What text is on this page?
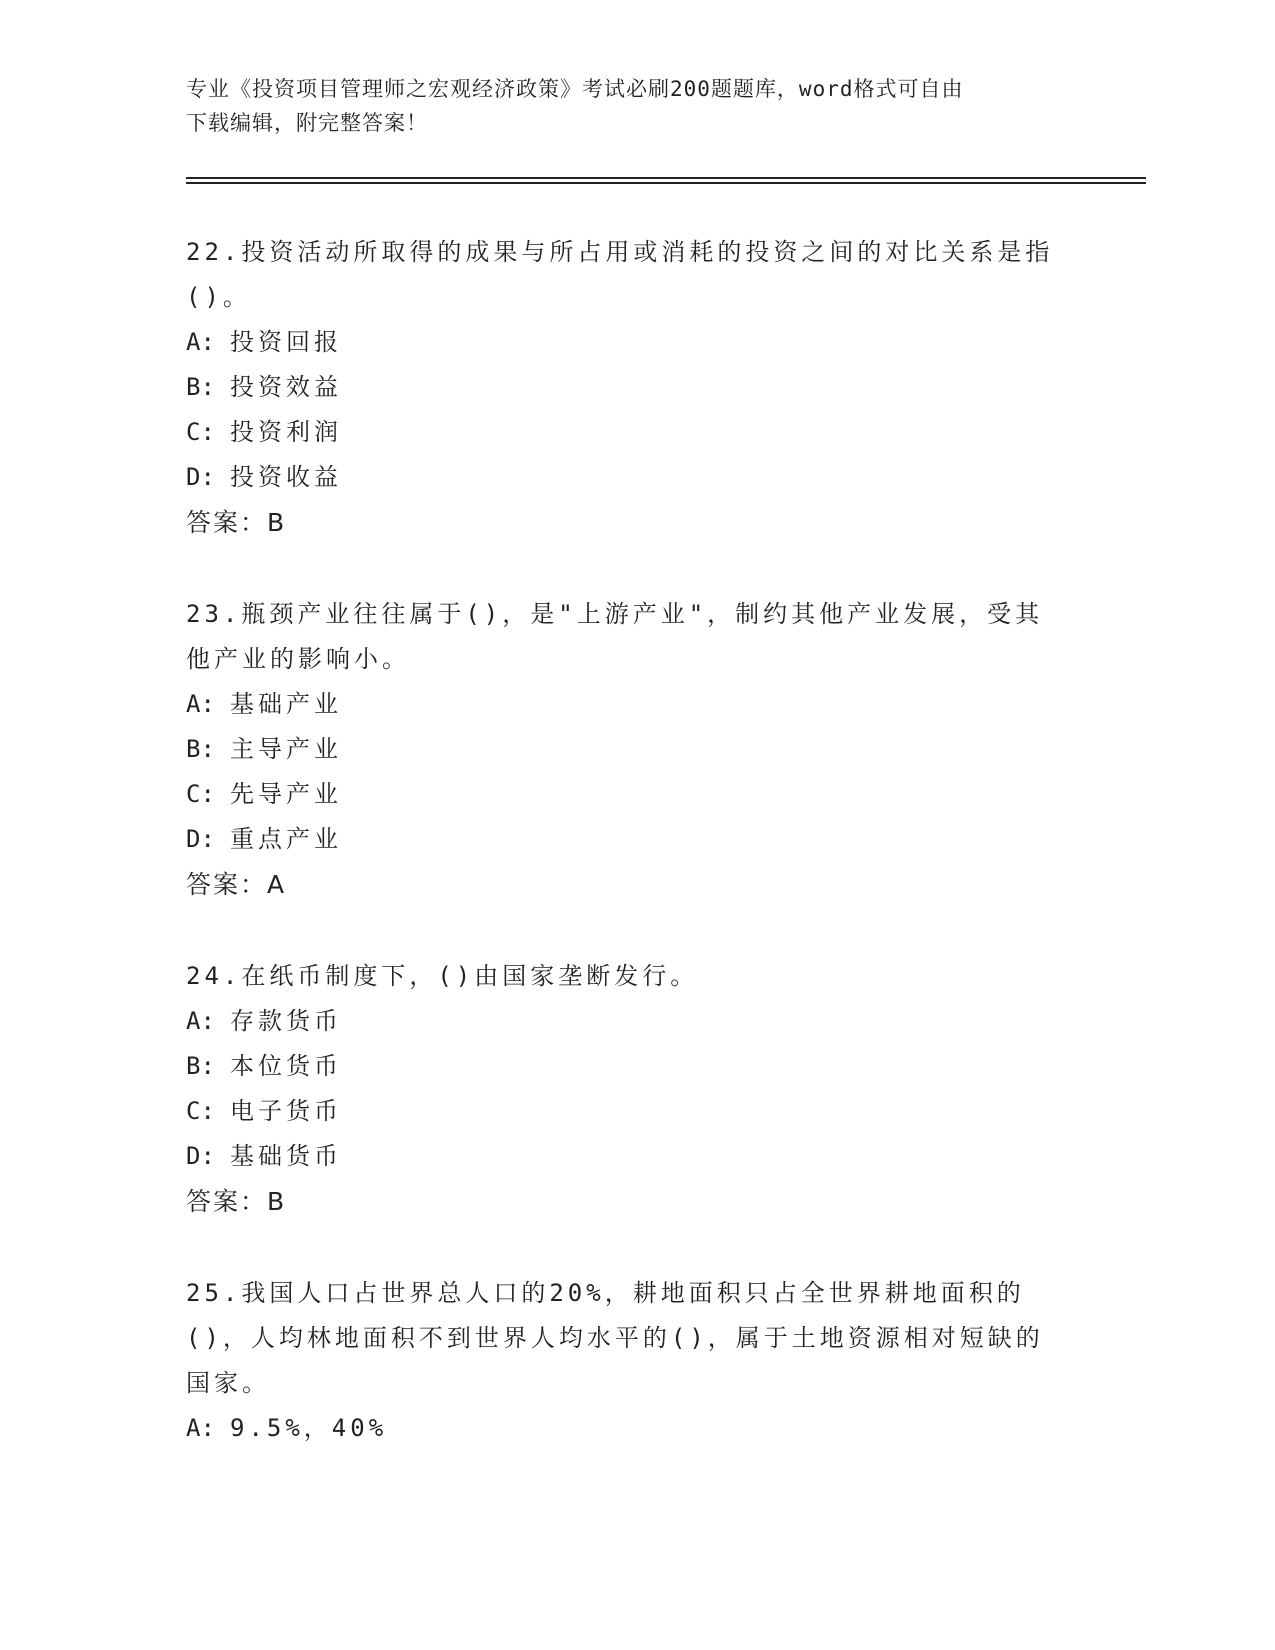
专业《投资项目管理师之宏观经济政策》考试必刷200题题库，word格式可自由
下载编辑，附完整答案！
22.投资活动所取得的成果与所占用或消耗的投资之间的对比关系是指()。
A: 投资回报
B: 投资效益
C: 投资利润
D: 投资收益
答案：B
23.瓶颈产业往往属于()，是"上游产业"，制约其他产业发展，受其他产业的影响小。
A: 基础产业
B: 主导产业
C: 先导产业
D: 重点产业
答案：A
24.在纸币制度下，()由国家垄断发行。
A: 存款货币
B: 本位货币
C: 电子货币
D: 基础货币
答案：B
25.我国人口占世界总人口的20%，耕地面积只占全世界耕地面积的()，人均林地面积不到世界人均水平的()，属于土地资源相对短缺的国家。
A: 9.5%，40%
